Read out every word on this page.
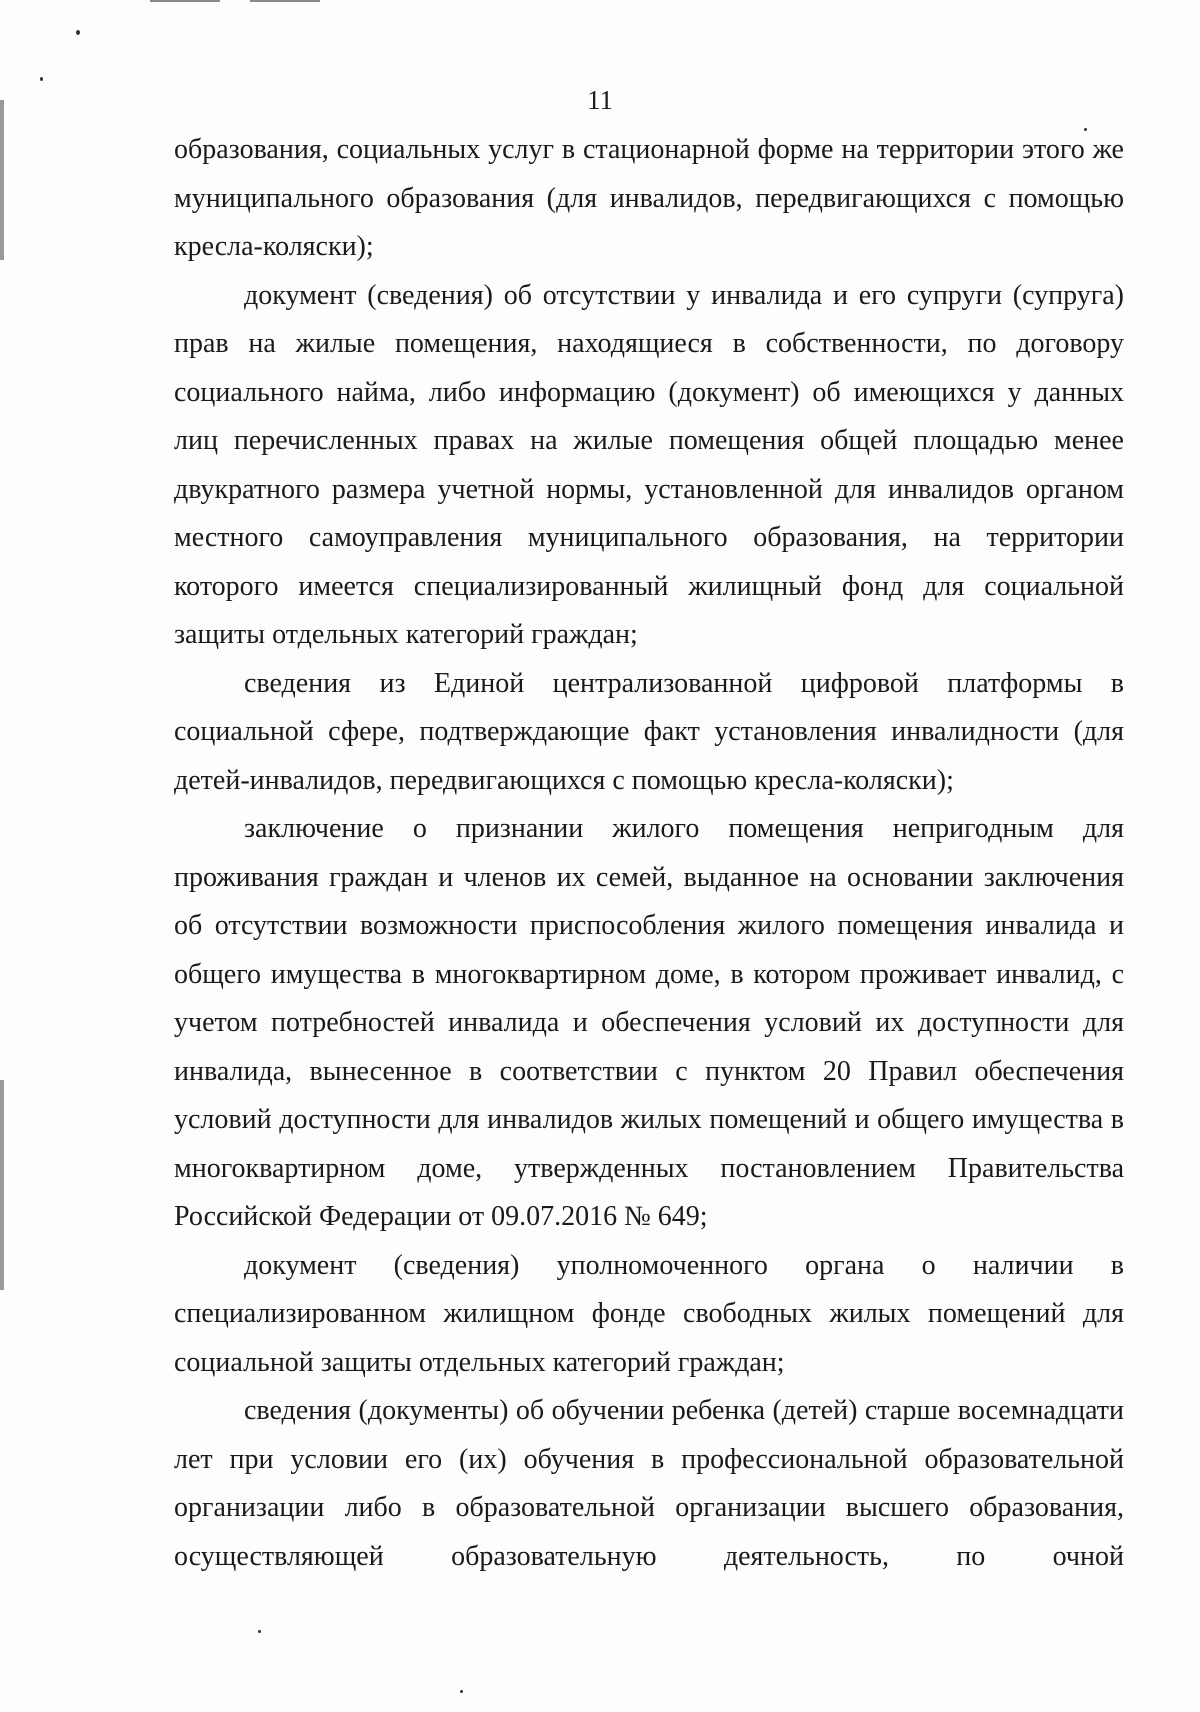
11

образования, социальных услуг в стационарной форме на территории этого же муниципального образования (для инвалидов, передвигающихся с помощью кресла-коляски);

документ (сведения) об отсутствии у инвалида и его супруги (супруга) прав на жилые помещения, находящиеся в собственности, по договору социального найма, либо информацию (документ) об имеющихся у данных лиц перечисленных правах на жилые помещения общей площадью менее двукратного размера учетной нормы, установленной для инвалидов органом местного самоуправления муниципального образования, на территории которого имеется специализированный жилищный фонд для социальной защиты отдельных категорий граждан;

сведения из Единой централизованной цифровой платформы в социальной сфере, подтверждающие факт установления инвалидности (для детей-инвалидов, передвигающихся с помощью кресла-коляски);

заключение о признании жилого помещения непригодным для проживания граждан и членов их семей, выданное на основании заключения об отсутствии возможности приспособления жилого помещения инвалида и общего имущества в многоквартирном доме, в котором проживает инвалид, с учетом потребностей инвалида и обеспечения условий их доступности для инвалида, вынесенное в соответствии с пунктом 20 Правил обеспечения условий доступности для инвалидов жилых помещений и общего имущества в многоквартирном доме, утвержденных постановлением Правительства Российской Федерации от 09.07.2016 № 649;

документ (сведения) уполномоченного органа о наличии в специализированном жилищном фонде свободных жилых помещений для социальной защиты отдельных категорий граждан;

сведения (документы) об обучении ребенка (детей) старше восемнадцати лет при условии его (их) обучения в профессиональной образовательной организации либо в образовательной организации высшего образования, осуществляющей образовательную деятельность, по очной
